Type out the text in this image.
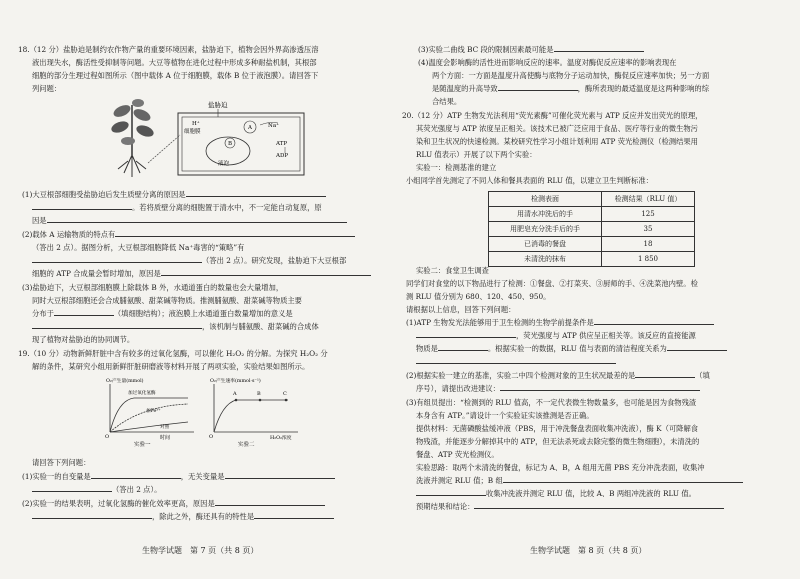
18.（12 分）盐胁迫是制约农作物产量的重要环境因素，盐胁迫下，植物会因外界高渗透压溶
液出现失水，酶活性受抑制等问题。大豆等植物在进化过程中形成多种耐盐机制，其根部
细胞的部分生理过程如图所示（图中载体 A 位于细胞膜，载体 B 位于液泡膜）。请回答下
列问题：
盐胁迫
细胞膜
液泡
A
B
H⁺	Na⁺
ATP
ADP
(1)大豆根部细胞受盐胁迫后发生质壁分离的原因是
。若将质壁分离的细胞置于清水中，不一定能自动复原，原
因是
(2)载体 A 运输物质的特点有
（答出 2 点）。据图分析，大豆根部细胞降低 Na⁺毒害的“策略”有
（答出 2 点）。研究发现，盐胁迫下大豆根部
细胞的 ATP 合成量会暂时增加，原因是
(3)盐胁迫下，大豆根部细胞膜上除载体 B 外，水通道蛋白的数量也会大量增加，
同时大豆根部细胞还会合成脯氨酸、甜菜碱等物质。推测脯氨酸、甜菜碱等物质主要
分布于	（填细胞结构）；液泡膜上水通道蛋白数量增加的意义是
，该机制与脯氨酸、甜菜碱的合成体
现了植物对盐胁迫的协同调节。
19.（10 分）动物新鲜肝脏中含有较多的过氧化氢酶，可以催化 H₂O₂ 的分解。为探究 H₂O₂ 分
解的条件，某研究小组用新鲜肝脏研磨液等材料开展了两项实验，实验结果如图所示。
O₂产生量(mmol)
加过氧化氢酶
加Fe³⁺
对照
O	时间
实验一
O₂产生速率(mmol·s⁻¹)
A	B	C
O	H₂O₂浓度
实验二
请回答下列问题：
(1)实验一的自变量是	，无关变量是
（答出 2 点）。
(2)实验一的结果表明，过氧化氢酶的催化效率更高，原因是
，除此之外，酶还具有的特性是
生物学试题　第 7 页（共 8 页）
(3)实验二曲线 BC 段的限制因素最可能是
(4)温度会影响酶的活性进而影响反应的速率。温度对酶促反应速率的影响表现在
两个方面：一方面是温度升高使酶与底物分子运动加快，酶促反应速率加快；另一方面
是随温度的升高导致	，酶所表现的最适温度是这两种影响的综
合结果。
20.（12 分）ATP 生物发光法利用“荧光素酶”可催化荧光素与 ATP 反应并发出荧光的原理，
其荧光强度与 ATP 浓度呈正相关。该技术已被广泛应用于食品、医疗等行业的微生物污
染和卫生状况的快速检测。某校研究性学习小组计划利用 ATP 荧光检测仪（检测结果用
RLU 值表示）开展了以下两个实验：
实验一：检测基准的建立
小组同学首先测定了不同人体和餐具表面的 RLU 值，以建立卫生判断标准：
检测表面	检测结果（RLU 值）
用清水冲洗后的手	125
用肥皂充分洗手后的手	35
已消毒的餐盘	18
未清洗的抹布	1 850
实验二：食堂卫生调查
同学们对食堂的以下物品进行了检测：①餐盘、②打菜夹、③厨师的手、④洗菜池内壁。检
测 RLU 值分别为 680、120、450、950。
请根据以上信息，回答下列问题：
(1)ATP 生物发光法能够用于卫生检测的生物学前提条件是
，荧光强度与 ATP 供应呈正相关等。该反应的直接能源
物质是	。根据实验一的数据，RLU 值与表面的清洁程度关系为
(2)根据实验一建立的基准，实验二中四个检测对象的卫生状况最差的是	（填
序号），请提出改进建议：
(3)有组员提出：“检测到的 RLU 值高，不一定代表微生物数量多，也可能是因为食物残渣
本身含有 ATP。”请设计一个实验证实该推测是否正确。
提供材料：无菌磷酸盐缓冲液（PBS，用于冲洗餐盘表面收集冲洗液），酶 K（可降解食
物残渣，并能逐步分解掉其中的 ATP，但无法杀死或去除完整的微生物细胞），未清洗的
餐盘、ATP 荧光检测仪。
实验思路：取两个未清洗的餐盘，标记为 A、B，A 组用无菌 PBS 充分冲洗表面，收集冲
洗液并测定 RLU 值；B 组
收集冲洗液并测定 RLU 值，比较 A、B 两组冲洗液的 RLU 值。
预期结果和结论：
生物学试题　第 8 页（共 8 页）
